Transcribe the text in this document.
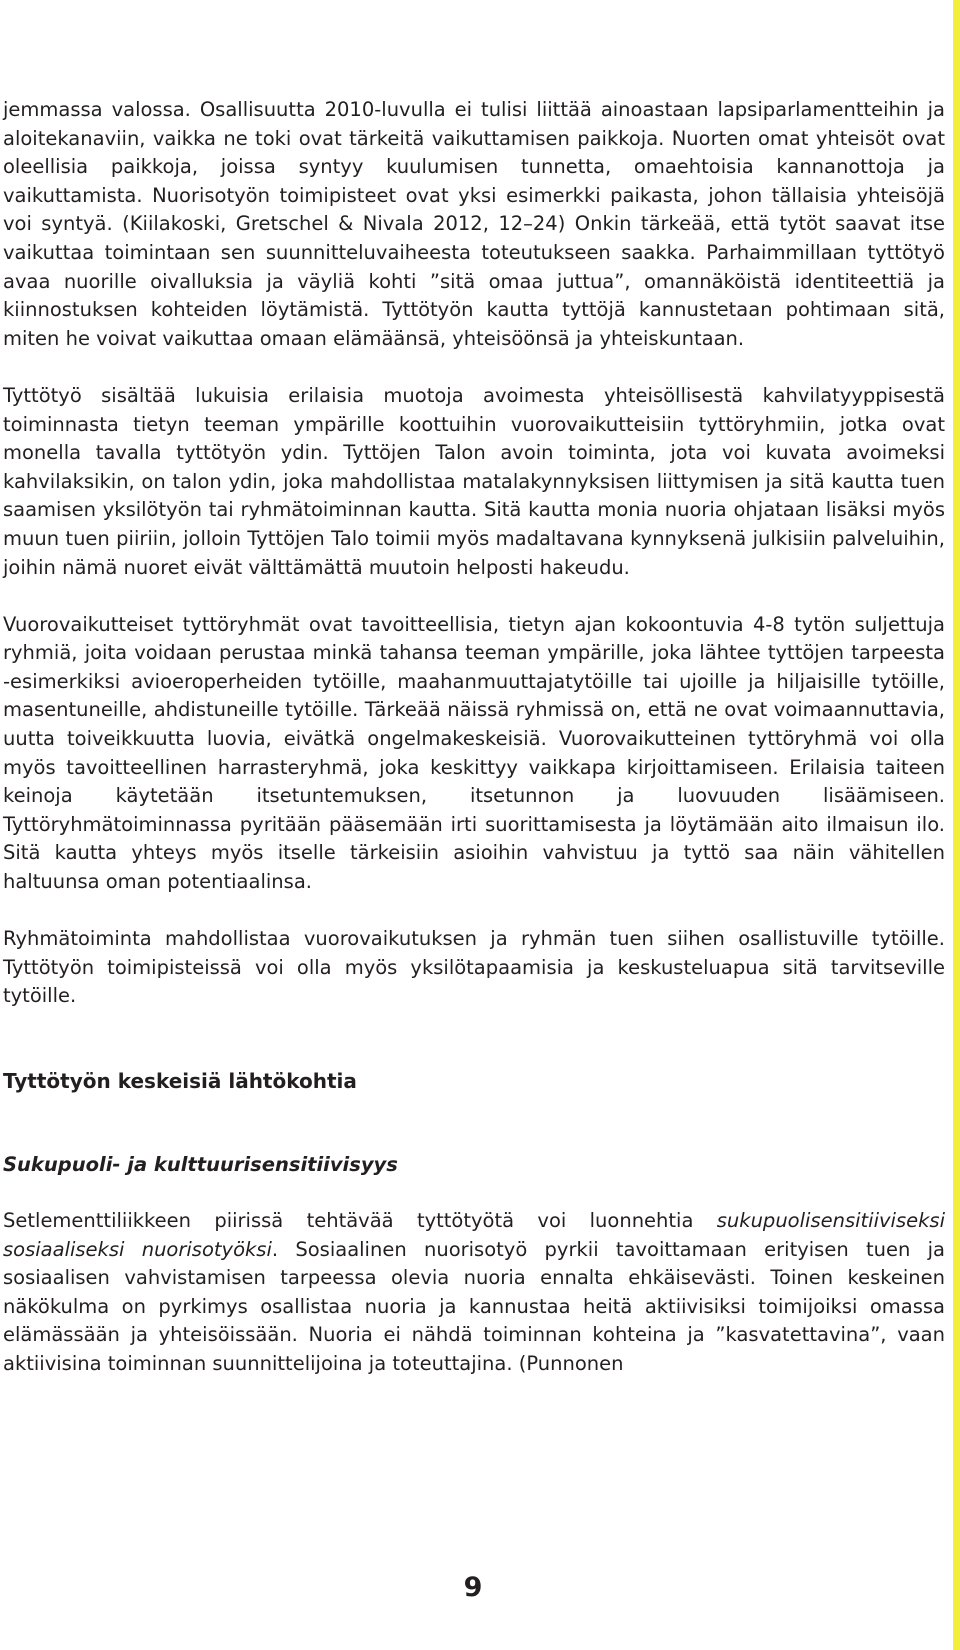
jemmassa valossa. Osallisuutta 2010-luvulla ei tulisi liittää ainoastaan lapsiparlamentteihin ja aloitekanaviin, vaikka ne toki ovat tärkeitä vaikuttamisen paikkoja. Nuorten omat yhteisöt ovat oleellisia paikkoja, joissa syntyy kuulumisen tunnetta, omaehtoisia kannanottoja ja vaikuttamista. Nuorisotyön toimipisteet ovat yksi esimerkki paikasta, johon tällaisia yhteisöjä voi syntyä. (Kiilakoski, Gretschel & Nivala 2012, 12–24) Onkin tärkeää, että tytöt saavat itse vaikuttaa toimintaan sen suunnitteluvaiheesta toteutukseen saakka. Parhaimmillaan tyttötyö avaa nuorille oivalluksia ja väyliä kohti ”sitä omaa juttua”, omannäköistä identiteettiä ja kiinnostuksen kohteiden löytämistä. Tyttötyön kautta tyttöjä kannustetaan pohtimaan sitä, miten he voivat vaikuttaa omaan elämäänsä, yhteisöönsä ja yhteiskuntaan.

Tyttötyö sisältää lukuisia erilaisia muotoja avoimesta yhteisöllisestä kahvilatyyppisestä toiminnasta tietyn teeman ympärille koottuihin vuorovaikutteisiin tyttöryhmiin, jotka ovat monella tavalla tyttötyön ydin. Tyttöjen Talon avoin toiminta, jota voi kuvata avoimeksi kahvilaksikin, on talon ydin, joka mahdollistaa matalakynnyksisen liittymisen ja sitä kautta tuen saamisen yksilötyön tai ryhmätoiminnan kautta. Sitä kautta monia nuoria ohjataan lisäksi myös muun tuen piiriin, jolloin Tyttöjen Talo toimii myös madaltavana kynnyksenä julkisiin palveluihin, joihin nämä nuoret eivät välttämättä muutoin helposti hakeudu.

Vuorovaikutteiset tyttöryhmät ovat tavoitteellisia, tietyn ajan kokoontuvia 4-8 tytön suljettuja ryhmiä, joita voidaan perustaa minkä tahansa teeman ympärille, joka lähtee tyttöjen tarpeesta -esimerkiksi avioeroperheiden tytöille, maahanmuuttajatytöille tai ujoille ja hiljaisille tytöille, masentuneille, ahdistuneille tytöille. Tärkeää näissä ryhmissä on, että ne ovat voimaannuttavia, uutta toiveikkuutta luovia, eivätkä ongelmakeskeisiä. Vuorovaikutteinen tyttöryhmä voi olla myös tavoitteellinen harrasteryhmä, joka keskittyy vaikkapa kirjoittamiseen. Erilaisia taiteen keinoja käytetään itsetuntemuksen, itsetunnon ja luovuuden lisäämiseen. Tyttöryhmätoiminnassa pyritään pääsemään irti suorittamisesta ja löytämään aito ilmaisun ilo. Sitä kautta yhteys myös itselle tärkeisiin asioihin vahvistuu ja tyttö saa näin vähitellen haltuunsa oman potentiaalinsa.

Ryhmätoiminta mahdollistaa vuorovaikutuksen ja ryhmän tuen siihen osallistuville tytöille. Tyttötyön toimipisteissä voi olla myös yksilötapaamisia ja keskusteluapua sitä tarvitseville tytöille.

Tyttötyön keskeisiä lähtökohtia
Sukupuoli- ja kulttuurisensitiivisyys

Setlementtiliikkeen piirissä tehtävää tyttötyötä voi luonnehtia sukupuolisensitiiviseksi sosiaaliseksi nuorisotyöksi. Sosiaalinen nuorisotyö pyrkii tavoittamaan erityisen tuen ja sosiaalisen vahvistamisen tarpeessa olevia nuoria ennalta ehkäisevästi. Toinen keskeinen näkökulma on pyrkimys osallistaa nuoria ja kannustaa heitä aktiivisiksi toimijoiksi omassa elämässään ja yhteisöissään. Nuoria ei nähdä toiminnan kohteina ja ”kasvatettavina”, vaan aktiivisina toiminnan suunnittelijoina ja toteuttajina. (Punnonen

9
